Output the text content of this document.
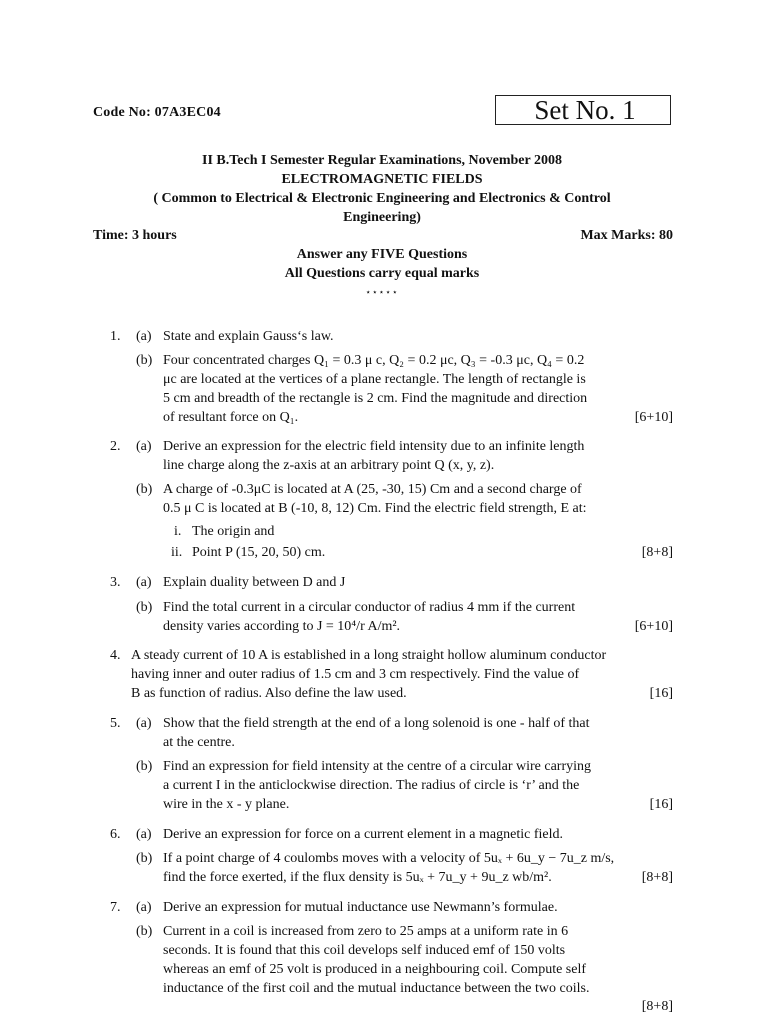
Code No: 07A3EC04	Set No. 1
II B.Tech I Semester Regular Examinations, November 2008
ELECTROMAGNETIC FIELDS
( Common to Electrical & Electronic Engineering and Electronics & Control
Engineering)
Time: 3 hours	Max Marks: 80
Answer any FIVE Questions
All Questions carry equal marks
⋆⋆⋆⋆⋆
1. (a) State and explain Gauss‘s law.
(b) Four concentrated charges Q₁ = 0.3 μ c, Q₂ = 0.2 μc, Q₃ = -0.3 μc, Q₄ = 0.2
μc are located at the vertices of a plane rectangle. The length of rectangle is
5 cm and breadth of the rectangle is 2 cm. Find the magnitude and direction
of resultant force on Q₁.	[6+10]
2. (a) Derive an expression for the electric field intensity due to an infinite length
line charge along the z-axis at an arbitrary point Q (x, y, z).
(b) A charge of -0.3μC is located at A (25, -30, 15) Cm and a second charge of
0.5 μ C is located at B (-10, 8, 12) Cm. Find the electric field strength, E at:
i. The origin and
ii. Point P (15, 20, 50) cm.	[8+8]
3. (a) Explain duality between D and J
(b) Find the total current in a circular conductor of radius 4 mm if the current
density varies according to J = 10⁴/r A/m².	[6+10]
4. A steady current of 10 A is established in a long straight hollow aluminum conductor
having inner and outer radius of 1.5 cm and 3 cm respectively. Find the value of
B as function of radius. Also define the law used.	[16]
5. (a) Show that the field strength at the end of a long solenoid is one - half of that
at the centre.
(b) Find an expression for field intensity at the centre of a circular wire carrying
a current I in the anticlockwise direction. The radius of circle is ‘r’ and the
wire in the x - y plane.	[16]
6. (a) Derive an expression for force on a current element in a magnetic field.
(b) If a point charge of 4 coulombs moves with a velocity of 5uₓ + 6u_y − 7u_z m/s,
find the force exerted, if the flux density is 5uₓ + 7u_y + 9u_z wb/m².	[8+8]
7. (a) Derive an expression for mutual inductance use Newmann’s formulae.
(b) Current in a coil is increased from zero to 25 amps at a uniform rate in 6
seconds. It is found that this coil develops self induced emf of 150 volts
whereas an emf of 25 volt is produced in a neighbouring coil. Compute self
inductance of the first coil and the mutual inductance between the two coils.
[8+8]
